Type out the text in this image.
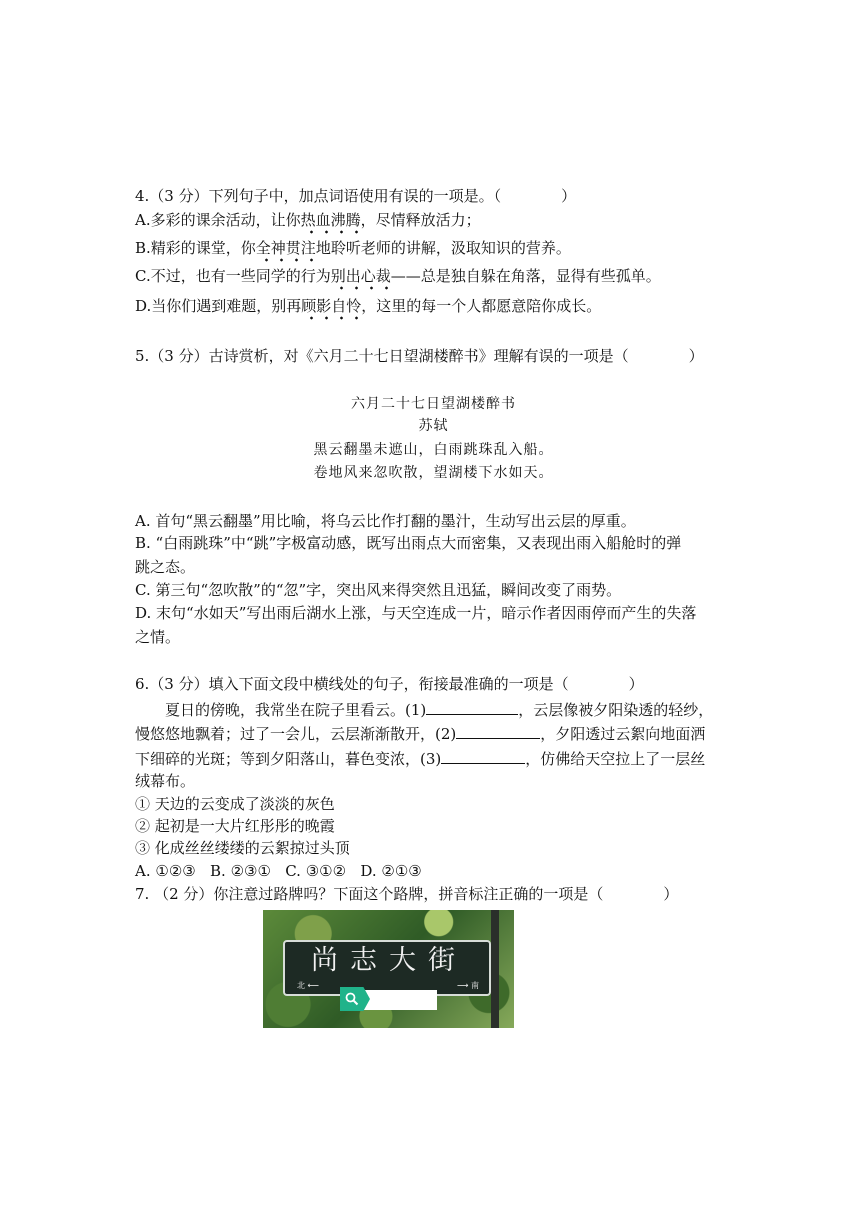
4.（3 分）下列句子中，加点词语使用有误的一项是。（	）
A.多彩的课余活动，让你热血沸腾，尽情释放活力；
B.精彩的课堂，你全神贯注地聆听老师的讲解，汲取知识的营养。
C.不过，也有一些同学的行为别出心裁——总是独自躲在角落，显得有些孤单。
D.当你们遇到难题，别再顾影自怜，这里的每一个人都愿意陪你成长。
5.（3 分）古诗赏析，对《六月二十七日望湖楼醉书》理解有误的一项是（	）
六月二十七日望湖楼醉书
苏轼
黑云翻墨未遮山，白雨跳珠乱入船。
卷地风来忽吹散，望湖楼下水如天。
A. 首句“黑云翻墨”用比喻，将乌云比作打翻的墨汁，生动写出云层的厚重。
B. “白雨跳珠”中“跳”字极富动感，既写出雨点大而密集，又表现出雨入船舱时的弹
跳之态。
C. 第三句“忽吹散”的“忽”字，突出风来得突然且迅猛，瞬间改变了雨势。
D. 末句“水如天”写出雨后湖水上涨，与天空连成一片，暗示作者因雨停而产生的失落
之情。
6.（3 分）填入下面文段中横线处的句子，衔接最准确的一项是（	）
夏日的傍晚，我常坐在院子里看云。(1)	，云层像被夕阳染透的轻纱，
慢悠悠地飘着；过了一会儿，云层渐渐散开，(2)	，夕阳透过云絮向地面洒
下细碎的光斑；等到夕阳落山，暮色变浓，(3)	，仿佛给天空拉上了一层丝
绒幕布。
① 天边的云变成了淡淡的灰色
② 起初是一大片红彤彤的晚霞
③ 化成丝丝缕缕的云絮掠过头顶
A. ①②③   B. ②③①   C. ③①②   D. ②①③
7. （2 分）你注意过路牌吗？下面这个路牌，拼音标注正确的一项是（	）
尚志大街
北 ⟵	⟶ 南
